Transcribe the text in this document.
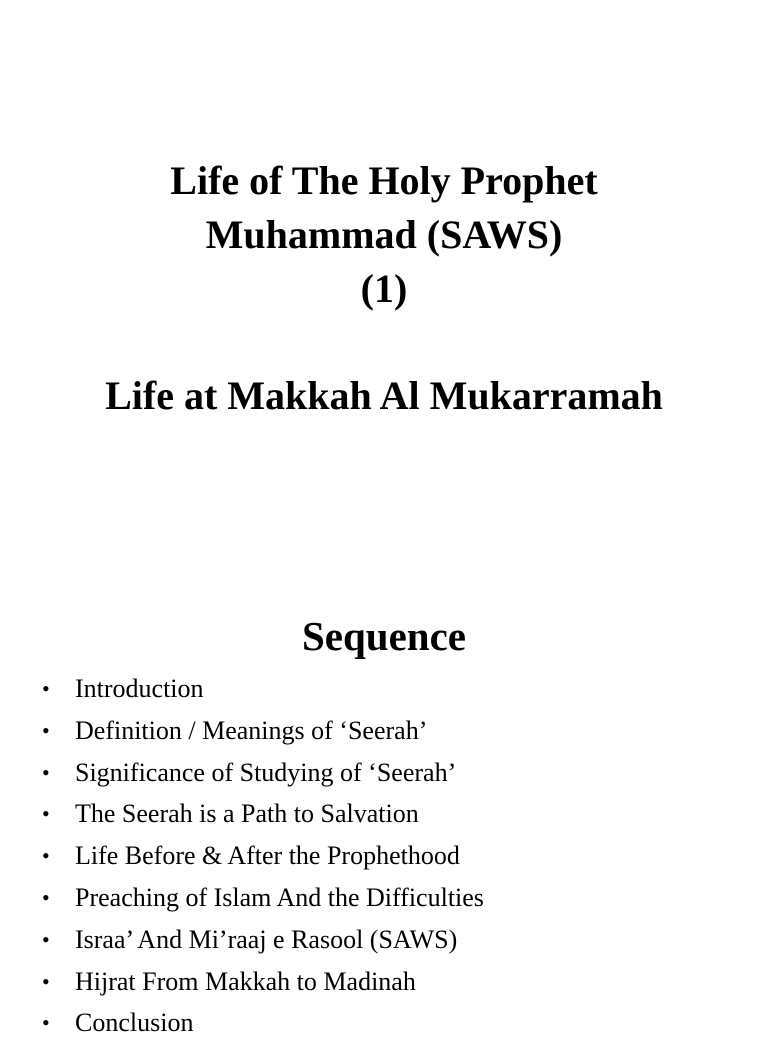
Life of The Holy Prophet
Muhammad (SAWS)
(1)
Life at Makkah Al Mukarramah
Sequence
• Introduction
• Definition / Meanings of ‘Seerah’
• Significance of Studying of ‘Seerah’
• The Seerah is a Path to Salvation
• Life Before & After the Prophethood
• Preaching of Islam And the Difficulties
• Israa’ And Mi’raaj e Rasool (SAWS)
• Hijrat From Makkah to Madinah
• Conclusion
